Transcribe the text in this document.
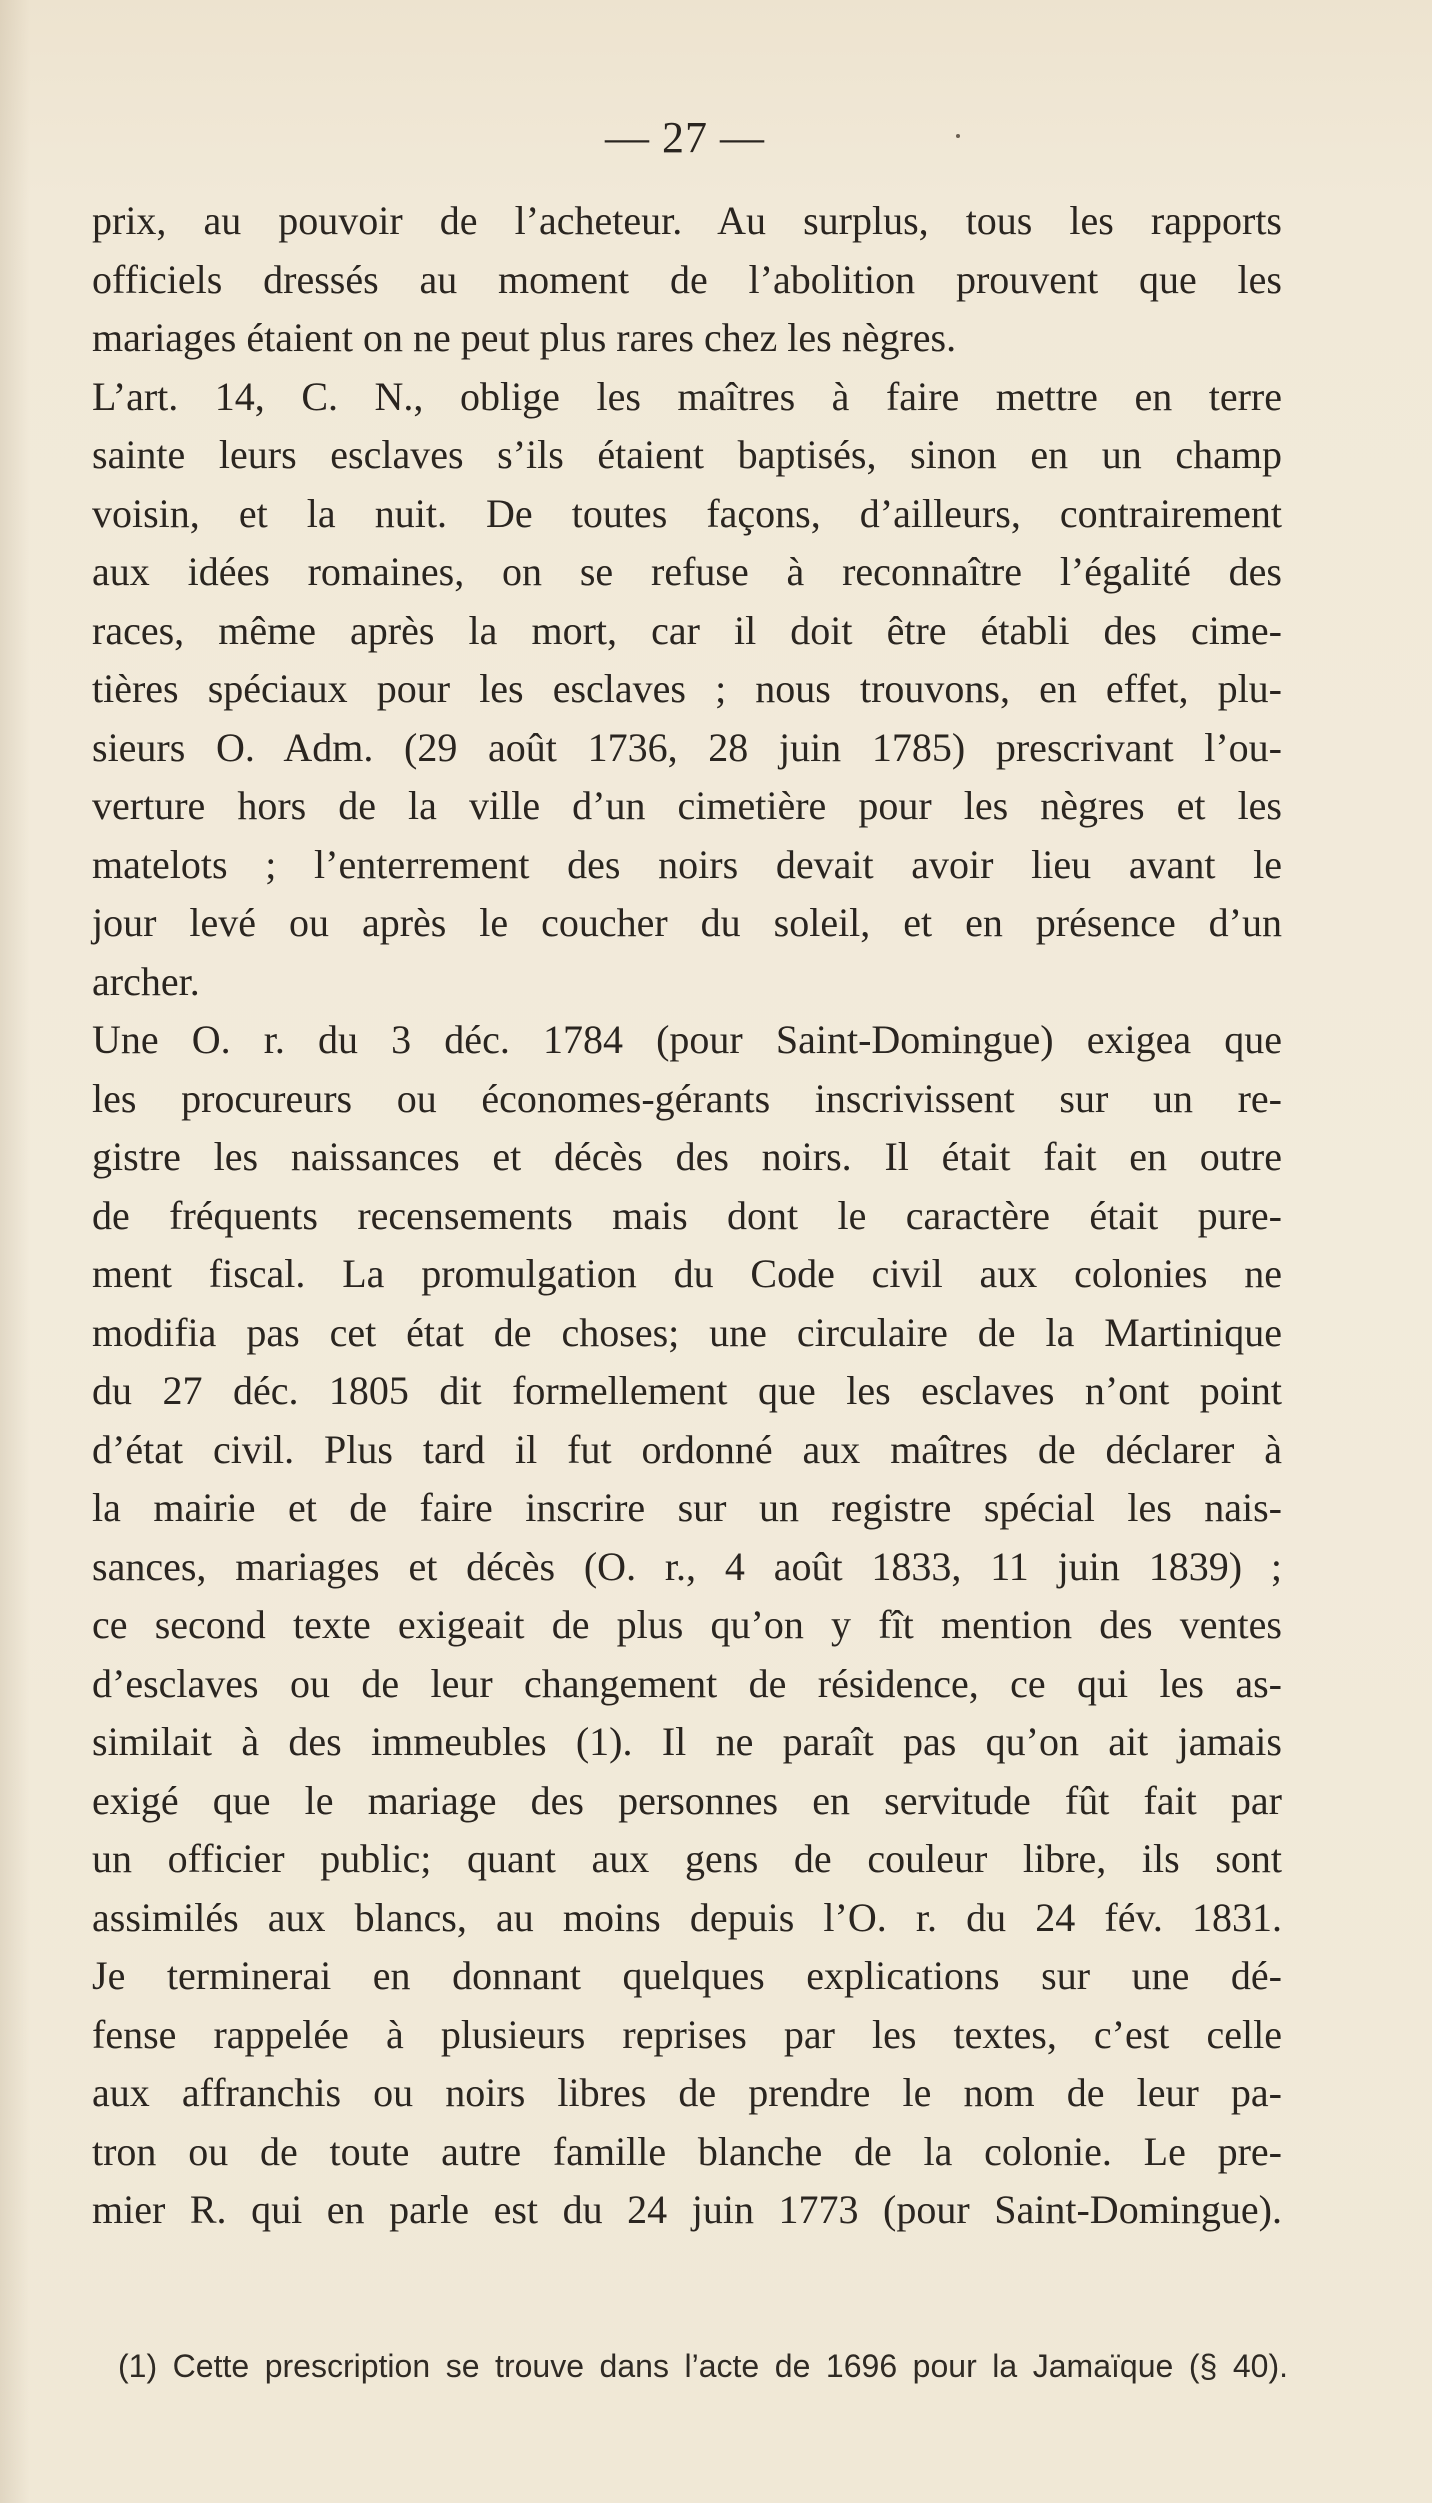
— 27 —
prix, au pouvoir de l’acheteur. Au surplus, tous les rapports
officiels dressés au moment de l’abolition prouvent que les
mariages étaient on ne peut plus rares chez les nègres.
L’art. 14, C. N., oblige les maîtres à faire mettre en terre
sainte leurs esclaves s’ils étaient baptisés, sinon en un champ
voisin, et la nuit. De toutes façons, d’ailleurs, contrairement
aux idées romaines, on se refuse à reconnaître l’égalité des
races, même après la mort, car il doit être établi des cime-
tières spéciaux pour les esclaves ; nous trouvons, en effet, plu-
sieurs O. Adm. (29 août 1736, 28 juin 1785) prescrivant l’ou-
verture hors de la ville d’un cimetière pour les nègres et les
matelots ; l’enterrement des noirs devait avoir lieu avant le
jour levé ou après le coucher du soleil, et en présence d’un
archer.
Une O. r. du 3 déc. 1784 (pour Saint-Domingue) exigea que
les procureurs ou économes-gérants inscrivissent sur un re-
gistre les naissances et décès des noirs. Il était fait en outre
de fréquents recensements mais dont le caractère était pure-
ment fiscal. La promulgation du Code civil aux colonies ne
modifia pas cet état de choses; une circulaire de la Martinique
du 27 déc. 1805 dit formellement que les esclaves n’ont point
d’état civil. Plus tard il fut ordonné aux maîtres de déclarer à
la mairie et de faire inscrire sur un registre spécial les nais-
sances, mariages et décès (O. r., 4 août 1833, 11 juin 1839) ;
ce second texte exigeait de plus qu’on y fît mention des ventes
d’esclaves ou de leur changement de résidence, ce qui les as-
similait à des immeubles (1). Il ne paraît pas qu’on ait jamais
exigé que le mariage des personnes en servitude fût fait par
un officier public; quant aux gens de couleur libre, ils sont
assimilés aux blancs, au moins depuis l’O. r. du 24 fév. 1831.
Je terminerai en donnant quelques explications sur une dé-
fense rappelée à plusieurs reprises par les textes, c’est celle
aux affranchis ou noirs libres de prendre le nom de leur pa-
tron ou de toute autre famille blanche de la colonie. Le pre-
mier R. qui en parle est du 24 juin 1773 (pour Saint-Domingue).
(1) Cette prescription se trouve dans l’acte de 1696 pour la Jamaïque (§ 40).
